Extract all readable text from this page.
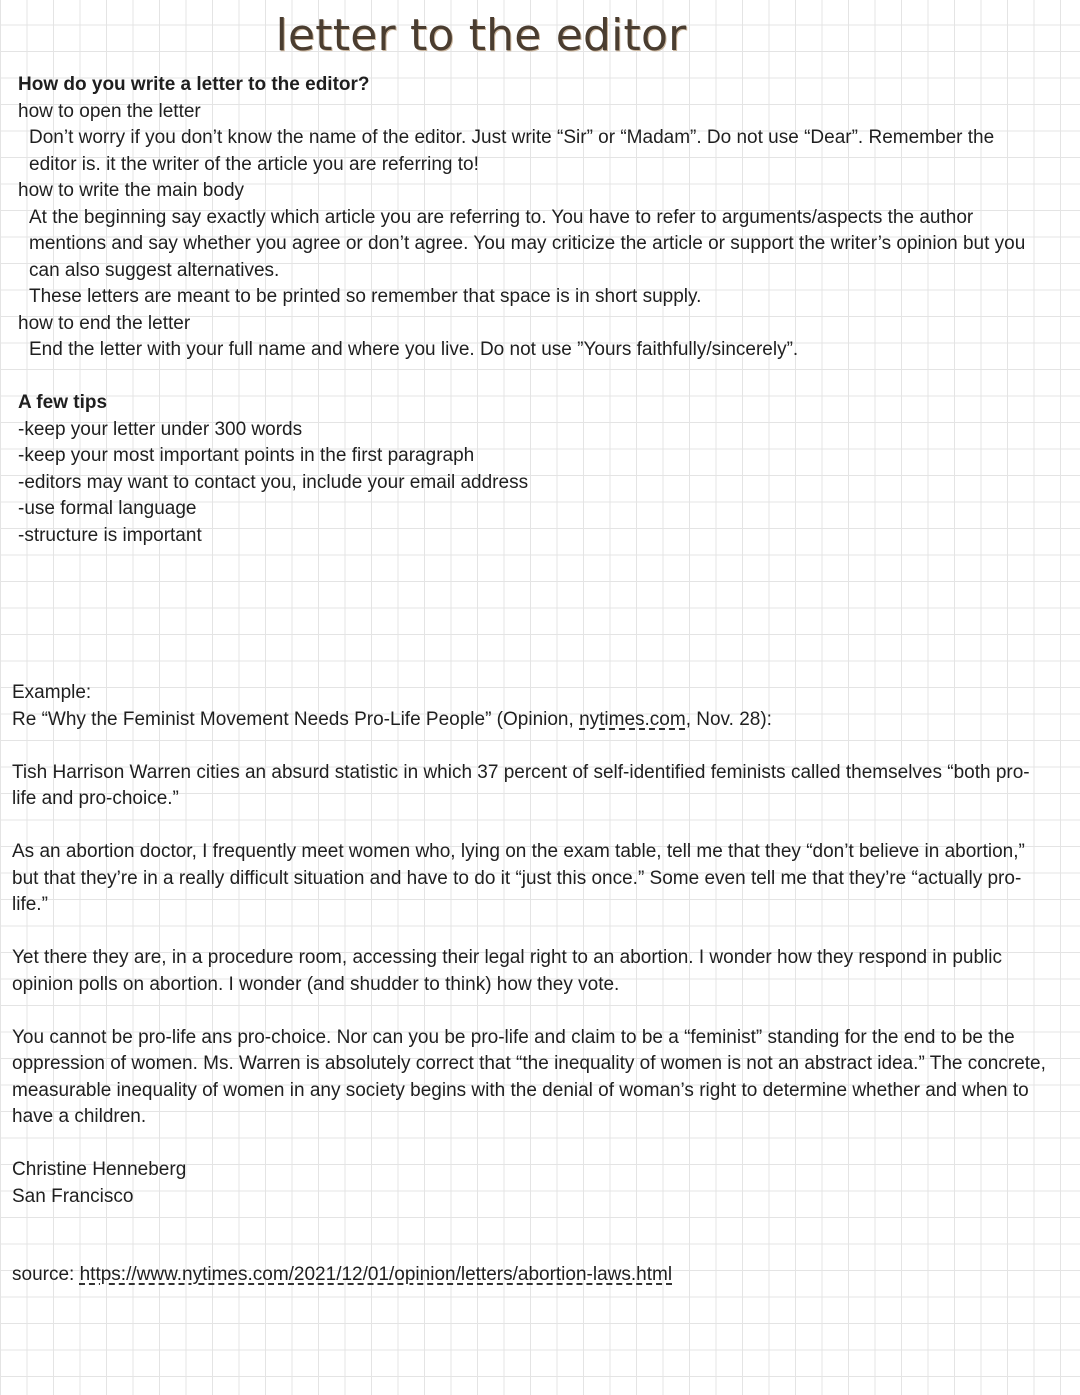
letter to the editor

How do you write a letter to the editor?

how to open the letter

Don’t worry if you don’t know the name of the editor. Just write “Sir” or “Madam”. Do not use “Dear”. Remember the editor is. it the writer of the article you are referring to!

how to write the main body

At the beginning say exactly which article you are referring to. You have to refer to arguments/aspects the author mentions and say whether you agree or don’t agree. You may criticize the article or support the writer’s opinion but you can also suggest alternatives.

These letters are meant to be printed so remember that space is in short supply.

how to end the letter

End the letter with your full name and where you live. Do not use ”Yours faithfully/sincerely”.

A few tips

-keep your letter under 300 words
-keep your most important points in the first paragraph
-editors may want to contact you, include your email address
-use formal language
-structure is important

Example:

Re “Why the Feminist Movement Needs Pro-Life People” (Opinion, nytimes.com, Nov. 28):

Tish Harrison Warren cities an absurd statistic in which 37 percent of self-identified feminists called themselves “both pro-life and pro-choice.”

As an abortion doctor, I frequently meet women who, lying on the exam table, tell me that they “don’t believe in abortion,” but that they’re in a really difficult situation and have to do it “just this once.” Some even tell me that they’re “actually pro-life.”

Yet there they are, in a procedure room, accessing their legal right to an abortion. I wonder how they respond in public opinion polls on abortion. I wonder (and shudder to think) how they vote.

You cannot be pro-life ans pro-choice. Nor can you be pro-life and claim to be a “feminist” standing for the end to be the oppression of women. Ms. Warren is absolutely correct that “the inequality of women is not an abstract idea.” The concrete, measurable inequality of women in any society begins with the denial of woman’s right to determine whether and when to have a children.

Christine Henneberg

San Francisco

source: https://www.nytimes.com/2021/12/01/opinion/letters/abortion-laws.html
